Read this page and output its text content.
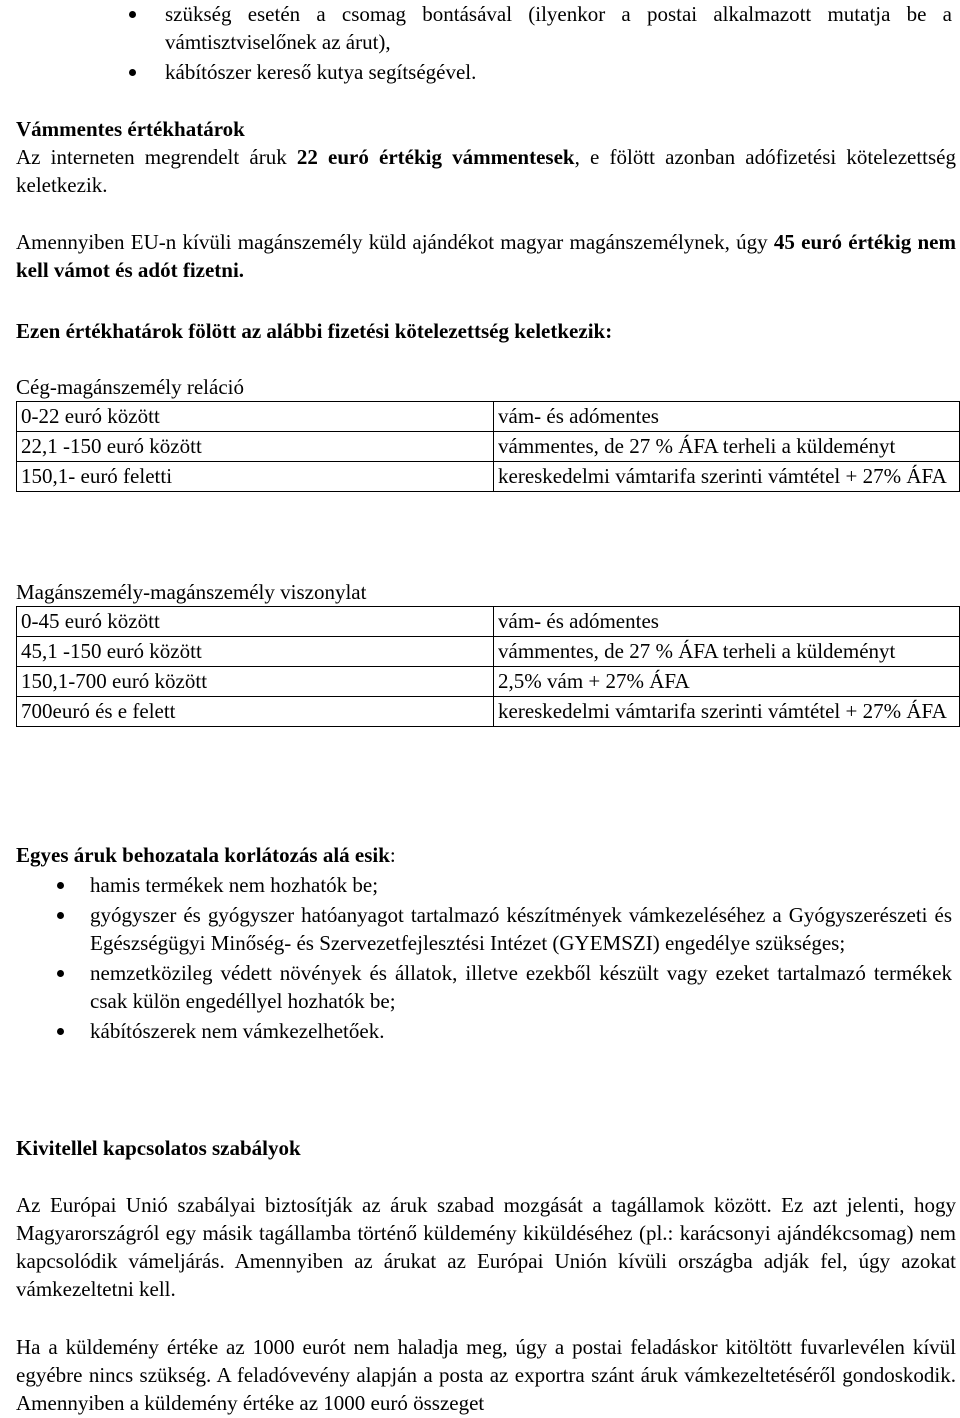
szükség esetén a csomag bontásával (ilyenkor a postai alkalmazott mutatja be a vámtisztviselőnek az árut),
kábítószer kereső kutya segítségével.

Vámmentes értékhatárok

Az interneten megrendelt áruk 22 euró értékig vámmentesek, e fölött azonban adófizetési kötelezettség keletkezik.

Amennyiben EU-n kívüli magánszemély küld ajándékot magyar magánszemélynek, úgy 45 euró értékig nem kell vámot és adót fizetni.

Ezen értékhatárok fölött az alábbi fizetési kötelezettség keletkezik:

Cég-magánszemély reláció

0-22 euró között	vám- és adómentes
22,1 -150 euró között	vámmentes, de 27 % ÁFA terheli a küldeményt
150,1- euró feletti	kereskedelmi vámtarifa szerinti vámtétel + 27% ÁFA

Magánszemély-magánszemély viszonylat

0-45 euró között	vám- és adómentes
45,1 -150 euró között	vámmentes, de 27 % ÁFA terheli a küldeményt
150,1-700 euró között	2,5% vám + 27% ÁFA
700euró és e felett	kereskedelmi vámtarifa szerinti vámtétel + 27% ÁFA

Egyes áruk behozatala korlátozás alá esik:

hamis termékek nem hozhatók be;
gyógyszer és gyógyszer hatóanyagot tartalmazó készítmények vámkezeléséhez a Gyógyszerészeti és Egészségügyi Minőség- és Szervezetfejlesztési Intézet (GYEMSZI) engedélye szükséges;
nemzetközileg védett növények és állatok, illetve ezekből készült vagy ezeket tartalmazó termékek csak külön engedéllyel hozhatók be;
kábítószerek nem vámkezelhetőek.

Kivitellel kapcsolatos szabályok

Az Európai Unió szabályai biztosítják az áruk szabad mozgását a tagállamok között. Ez azt jelenti, hogy Magyarországról egy másik tagállamba történő küldemény kiküldéséhez (pl.: karácsonyi ajándékcsomag) nem kapcsolódik vámeljárás. Amennyiben az árukat az Európai Unión kívüli országba adják fel, úgy azokat vámkezeltetni kell.

Ha a küldemény értéke az 1000 eurót nem haladja meg, úgy a postai feladáskor kitöltött fuvarlevélen kívül egyébre nincs szükség. A feladóvevény alapján a posta az exportra szánt áruk vámkezeltetéséről gondoskodik. Amennyiben a küldemény értéke az 1000 euró összeget
